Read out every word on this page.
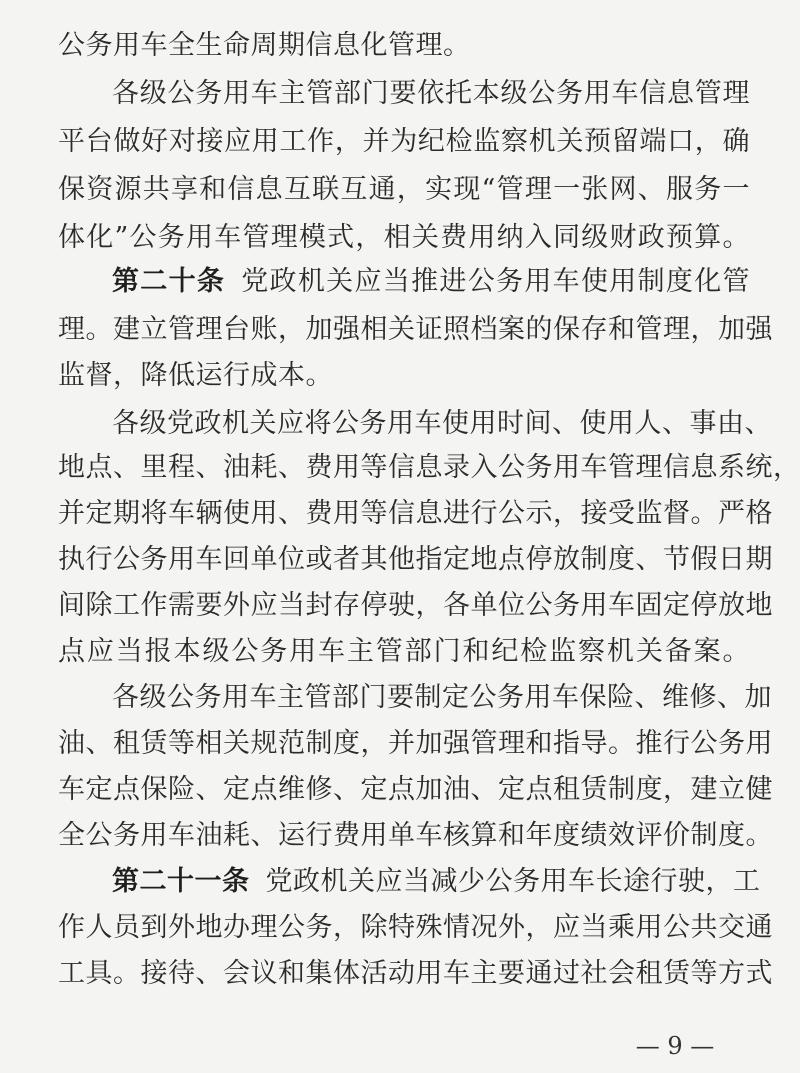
公务用车全生命周期信息化管理。
各级公务用车主管部门要依托本级公务用车信息管理
平台做好对接应用工作，并为纪检监察机关预留端口，确
保资源共享和信息互联互通，实现“管理一张网、服务一
体化”公务用车管理模式，相关费用纳入同级财政预算。
第二十条 党政机关应当推进公务用车使用制度化管
理。建立管理台账，加强相关证照档案的保存和管理，加强
监督，降低运行成本。
各级党政机关应将公务用车使用时间、使用人、事由、
地点、里程、油耗、费用等信息录入公务用车管理信息系统，
并定期将车辆使用、费用等信息进行公示，接受监督。严格
执行公务用车回单位或者其他指定地点停放制度、节假日期
间除工作需要外应当封存停驶，各单位公务用车固定停放地
点应当报本级公务用车主管部门和纪检监察机关备案。
各级公务用车主管部门要制定公务用车保险、维修、加
油、租赁等相关规范制度，并加强管理和指导。推行公务用
车定点保险、定点维修、定点加油、定点租赁制度，建立健
全公务用车油耗、运行费用单车核算和年度绩效评价制度。
第二十一条 党政机关应当减少公务用车长途行驶，工
作人员到外地办理公务，除特殊情况外，应当乘用公共交通
工具。接待、会议和集体活动用车主要通过社会租赁等方式
— 9 —
